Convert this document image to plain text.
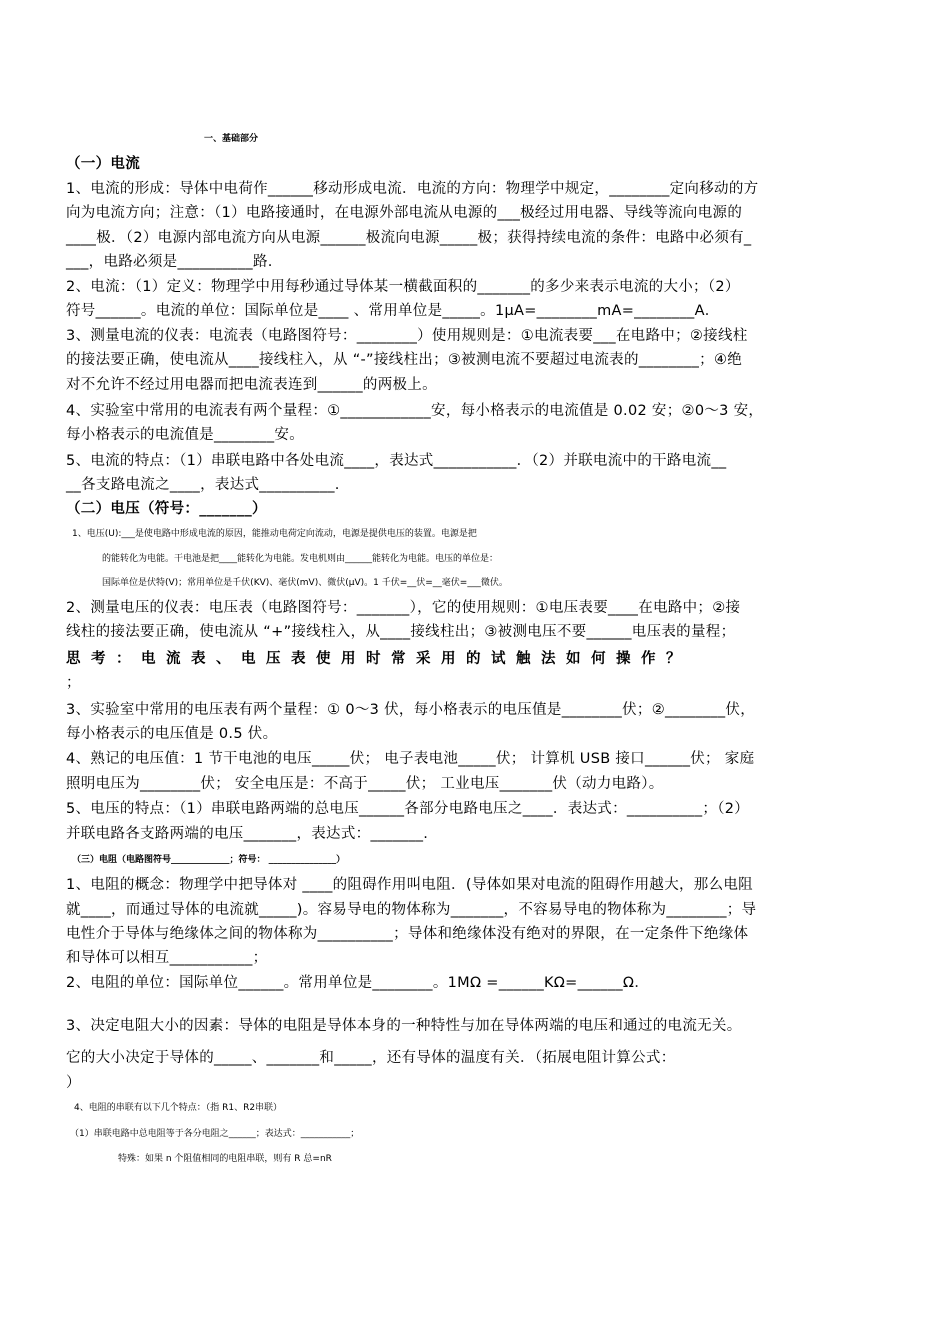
一、基础部分
（一）电流
1、电流的形成：导体中电荷作______移动形成电流．电流的方向：物理学中规定，________定向移动的方
向为电流方向；注意：（1）电路接通时，在电源外部电流从电源的___极经过用电器、导线等流向电源的
____极．（2）电源内部电流方向从电源______极流向电源_____极；获得持续电流的条件：电路中必须有_
___，电路必须是__________路.
2、电流：（1）定义：物理学中用每秒通过导体某一横截面积的_______的多少来表示电流的大小；（2）
符号______。电流的单位：国际单位是____ 、常用单位是_____。1μA=________mA=________A．
3、测量电流的仪表：电流表（电路图符号：________）使用规则是：①电流表要___在电路中；②接线柱
的接法要正确，使电流从____接线柱入，从 “-”接线柱出；③被测电流不要超过电流表的________；④绝
对不允许不经过用电器而把电流表连到______的两极上。
4、实验室中常用的电流表有两个量程：①____________安，每小格表示的电流值是 0.02 安；②0～3 安，
每小格表示的电流值是________安。
5、电流的特点：（1）串联电路中各处电流____，表达式___________．（2）并联电流中的干路电流__
__各支路电流之____，表达式__________.
（二）电压（符号：_______）
1、电压(U):___是使电路中形成电流的原因，能推动电荷定向流动，电源是提供电压的装置。电源是把
的能转化为电能。干电池是把____能转化为电能。发电机则由______能转化为电能。电压的单位是：
国际单位是伏特(V)；常用单位是千伏(KV)、毫伏(mV)、微伏(μV)。1 千伏=__伏=__毫伏=___微伏。
2、测量电压的仪表：电压表（电路图符号：_______），它的使用规则：①电压表要____在电路中；②接
线柱的接法要正确，使电流从 “+”接线柱入，从____接线柱出；③被测电压不要______电压表的量程；
思考：电流表、电压表使用时常采用的试触法如何操作？
；
3、实验室中常用的电压表有两个量程：① 0～3 伏，每小格表示的电压值是________伏；②________伏，
每小格表示的电压值是 0.5 伏。
4、熟记的电压值：1 节干电池的电压_____伏； 电子表电池_____伏； 计算机 USB 接口______伏； 家庭
照明电压为________伏； 安全电压是：不高于_____伏； 工业电压_______伏（动力电路）。
5、电压的特点：（1）串联电路两端的总电压______各部分电路电压之____．表达式：__________；（2）
并联电路各支路两端的电压_______，表达式：_______.
（三）电阻（电路图符号_____________；符号： _______________）
1、电阻的概念：物理学中把导体对 ____的阻碍作用叫电阻．(导体如果对电流的阻碍作用越大，那么电阻
就____，而通过导体的电流就_____)。容易导电的物体称为_______，不容易导电的物体称为________；导
电性介于导体与绝缘体之间的物体称为__________；导体和绝缘体没有绝对的界限，在一定条件下绝缘体
和导体可以相互___________；
2、电阻的单位：国际单位______。常用单位是________。1MΩ =______KΩ=______Ω．
3、决定电阻大小的因素：导体的电阻是导体本身的一种特性与加在导体两端的电压和通过的电流无关。
它的大小决定于导体的_____、_______和_____，还有导体的温度有关．（拓展电阻计算公式：
）
4、电阻的串联有以下几个特点：（指 R1、R2串联）
（1）串联电路中总电阻等于各分电阻之______；表达式：___________；
特殊：如果 n 个阻值相同的电阻串联，则有 R 总=nR
